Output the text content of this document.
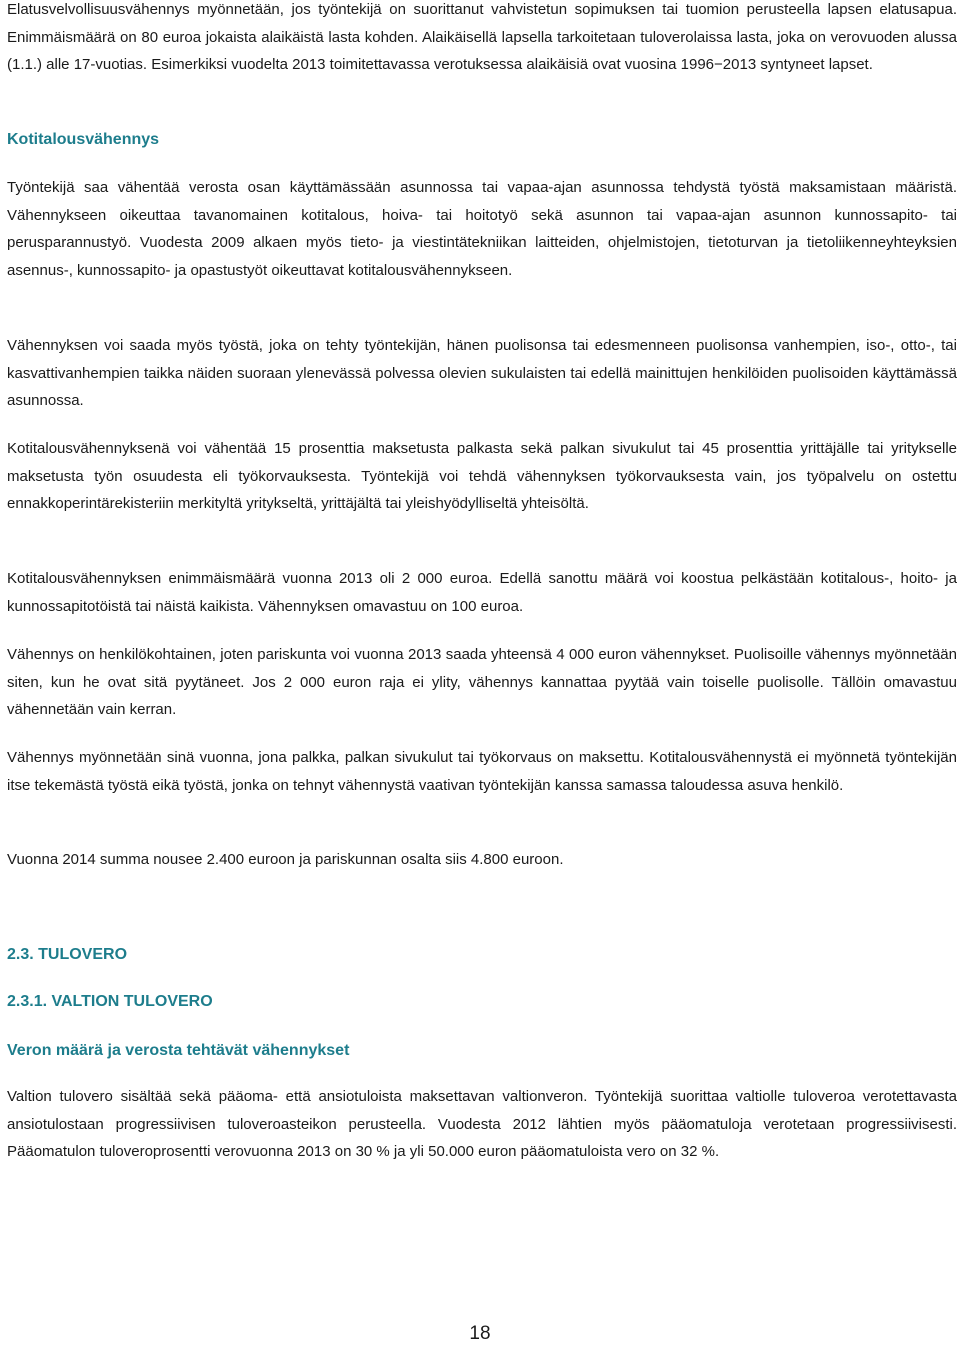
Elatusvelvollisuusvähennys myönnetään, jos työntekijä on suorittanut vahvistetun sopimuksen tai tuomion perusteella lapsen elatusapua. Enimmäismäärä on 80 euroa jokaista alaikäistä lasta kohden. Alaikäisellä lapsella tarkoitetaan tuloverolaissa lasta, joka on verovuoden alussa (1.1.) alle 17-vuotias. Esimerkiksi vuodelta 2013 toimitettavassa verotuksessa alaikäisiä ovat vuosina 1996−2013 syntyneet lapset.

Kotitalousvähennys

Työntekijä saa vähentää verosta osan käyttämässään asunnossa tai vapaa-ajan asunnossa tehdystä työstä maksamistaan määristä. Vähennykseen oikeuttaa tavanomainen kotitalous, hoiva- tai hoitotyö sekä asunnon tai vapaa-ajan asunnon kunnossapito- tai perusparannustyö. Vuodesta 2009 alkaen myös tieto- ja viestintätekniikan laitteiden, ohjelmistojen, tietoturvan ja tietoliikenneyhteyksien asennus-, kunnossapito- ja opastustyöt oikeuttavat kotitalousvähennykseen.

Vähennyksen voi saada myös työstä, joka on tehty työntekijän, hänen puolisonsa tai edesmenneen puolisonsa vanhempien, iso-, otto-, tai kasvattivanhempien taikka näiden suoraan ylenevässä polvessa olevien sukulaisten tai edellä mainittujen henkilöiden puolisoiden käyttämässä asunnossa.

Kotitalousvähennyksenä voi vähentää 15 prosenttia maksetusta palkasta sekä palkan sivukulut tai 45 prosenttia yrittäjälle tai yritykselle maksetusta työn osuudesta eli työkorvauksesta. Työntekijä voi tehdä vähennyksen työkorvauksesta vain, jos työpalvelu on ostettu ennakkoperintärekisteriin merkityltä yritykseltä, yrittäjältä tai yleishyödylliseltä yhteisöltä.

Kotitalousvähennyksen enimmäismäärä vuonna 2013 oli 2 000 euroa. Edellä sanottu määrä voi koostua pelkästään kotitalous-, hoito- ja kunnossapitotöistä tai näistä kaikista. Vähennyksen omavastuu on 100 euroa.

Vähennys on henkilökohtainen, joten pariskunta voi vuonna 2013 saada yhteensä 4 000 euron vähennykset. Puolisoille vähennys myönnetään siten, kun he ovat sitä pyytäneet. Jos 2 000 euron raja ei ylity, vähennys kannattaa pyytää vain toiselle puolisolle. Tällöin omavastuu vähennetään vain kerran.

Vähennys myönnetään sinä vuonna, jona palkka, palkan sivukulut tai työkorvaus on maksettu. Kotitalousvähennystä ei myönnetä työntekijän itse tekemästä työstä eikä työstä, jonka on tehnyt vähennystä vaativan työntekijän kanssa samassa taloudessa asuva henkilö.

Vuonna 2014 summa nousee 2.400 euroon ja pariskunnan osalta siis 4.800 euroon.

2.3. TULOVERO
2.3.1. VALTION TULOVERO
Veron määrä ja verosta tehtävät vähennykset

Valtion tulovero sisältää sekä pääoma- että ansiotuloista maksettavan valtionveron. Työntekijä suorittaa valtiolle tuloveroa verotettavasta ansiotulostaan progressiivisen tuloveroasteikon perusteella. Vuodesta 2012 lähtien myös pääomatuloja verotetaan progressiivisesti. Pääomatulon tuloveroprosentti verovuonna 2013 on 30 % ja yli 50.000 euron pääomatuloista vero on 32 %.

18
